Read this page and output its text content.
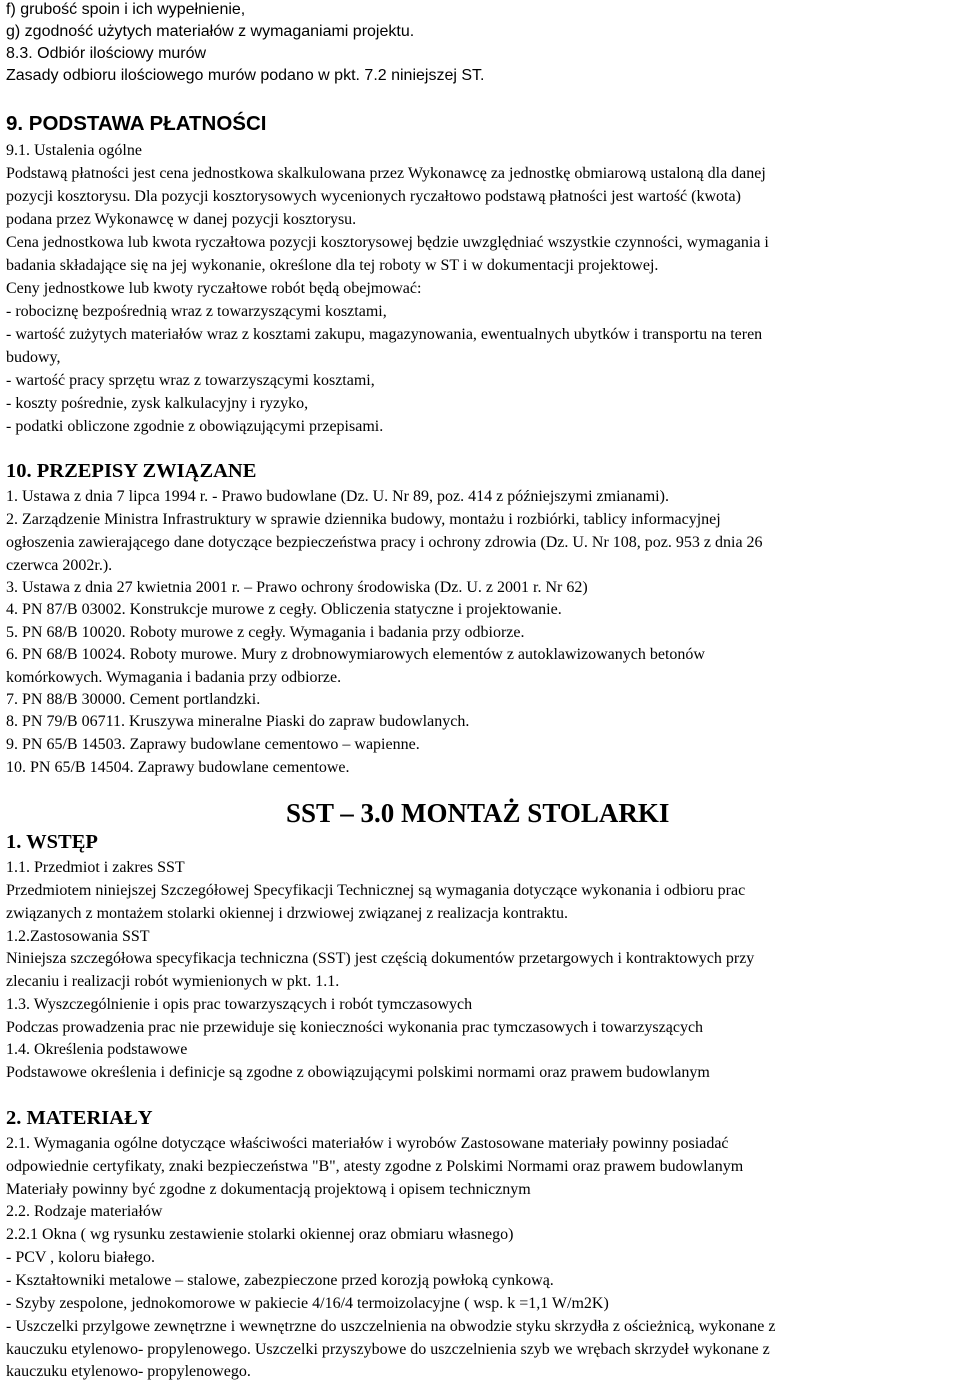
f) grubość spoin i ich wypełnienie,
g) zgodność użytych materiałów z wymaganiami projektu.
8.3. Odbiór ilościowy murów
Zasady odbioru ilościowego murów podano w pkt. 7.2 niniejszej ST.
9. PODSTAWA PŁATNOŚCI
9.1. Ustalenia ogólne
Podstawą płatności jest cena jednostkowa skalkulowana przez Wykonawcę za jednostkę obmiarową ustaloną dla danej
pozycji kosztorysu. Dla pozycji kosztorysowych wycenionych ryczałtowo podstawą płatności jest wartość (kwota)
podana przez Wykonawcę w danej pozycji kosztorysu.
Cena jednostkowa lub kwota ryczałtowa pozycji kosztorysowej będzie uwzględniać wszystkie czynności, wymagania i
badania składające się na jej wykonanie, określone dla tej roboty w ST i w dokumentacji projektowej.
Ceny jednostkowe lub kwoty ryczałtowe robót będą obejmować:
- robociznę bezpośrednią wraz z towarzyszącymi kosztami,
- wartość zużytych materiałów wraz z kosztami zakupu, magazynowania, ewentualnych ubytków i transportu na teren
budowy,
- wartość pracy sprzętu wraz z towarzyszącymi kosztami,
- koszty pośrednie, zysk kalkulacyjny i ryzyko,
- podatki obliczone zgodnie z obowiązującymi przepisami.
10. PRZEPISY ZWIĄZANE
1. Ustawa z dnia 7 lipca 1994 r. - Prawo budowlane (Dz. U. Nr 89, poz. 414 z późniejszymi zmianami).
2. Zarządzenie Ministra Infrastruktury w sprawie dziennika budowy, montażu i rozbiórki, tablicy informacyjnej
ogłoszenia zawierającego dane dotyczące bezpieczeństwa pracy i ochrony zdrowia (Dz. U. Nr 108, poz. 953 z dnia 26
czerwca 2002r.).
3. Ustawa z dnia 27 kwietnia 2001 r. – Prawo ochrony środowiska (Dz. U. z 2001 r. Nr 62)
4. PN 87/B 03002. Konstrukcje murowe z cegły. Obliczenia statyczne i projektowanie.
5. PN 68/B 10020. Roboty murowe z cegły. Wymagania i badania przy odbiorze.
6. PN 68/B 10024. Roboty murowe. Mury z drobnowymiarowych elementów z autoklawizowanych betonów
komórkowych. Wymagania i badania przy odbiorze.
7. PN 88/B 30000. Cement portlandzki.
8. PN 79/B 06711. Kruszywa mineralne Piaski do zapraw budowlanych.
9. PN 65/B 14503. Zaprawy budowlane cementowo – wapienne.
10. PN 65/B 14504. Zaprawy budowlane cementowe.
SST – 3.0 MONTAŻ STOLARKI
1. WSTĘP
1.1. Przedmiot i zakres SST
Przedmiotem niniejszej Szczegółowej Specyfikacji Technicznej są wymagania dotyczące wykonania i odbioru prac
związanych z montażem stolarki okiennej i drzwiowej związanej z realizacja kontraktu.
1.2.Zastosowania SST
Niniejsza szczegółowa specyfikacja techniczna (SST) jest częścią dokumentów przetargowych i kontraktowych przy
zlecaniu i realizacji robót wymienionych w pkt. 1.1.
1.3. Wyszczególnienie i opis prac towarzyszących i robót tymczasowych
Podczas prowadzenia prac nie przewiduje się konieczności wykonania prac tymczasowych i towarzyszących
1.4. Określenia podstawowe
Podstawowe określenia i definicje są zgodne z obowiązującymi polskimi normami oraz prawem budowlanym
2. MATERIAŁY
2.1. Wymagania ogólne dotyczące właściwości materiałów i wyrobów Zastosowane materiały powinny posiadać
odpowiednie certyfikaty, znaki bezpieczeństwa "B", atesty zgodne z Polskimi Normami oraz prawem budowlanym
Materiały powinny być zgodne z dokumentacją projektową i opisem technicznym
2.2. Rodzaje materiałów
2.2.1 Okna ( wg rysunku zestawienie stolarki okiennej oraz obmiaru własnego)
- PCV , koloru białego.
- Kształtowniki metalowe – stalowe, zabezpieczone przed korozją powłoką cynkową.
- Szyby zespolone, jednokomorowe w pakiecie 4/16/4 termoizolacyjne ( wsp. k =1,1 W/m2K)
- Uszczelki przylgowe zewnętrzne i wewnętrzne do uszczelnienia na obwodzie styku skrzydła z ościeżnicą, wykonane z
kauczuku etylenowo- propylenowego. Uszczelki przyszybowe do uszczelnienia szyb we wrębach skrzydeł wykonane z
kauczuku etylenowo- propylenowego.
